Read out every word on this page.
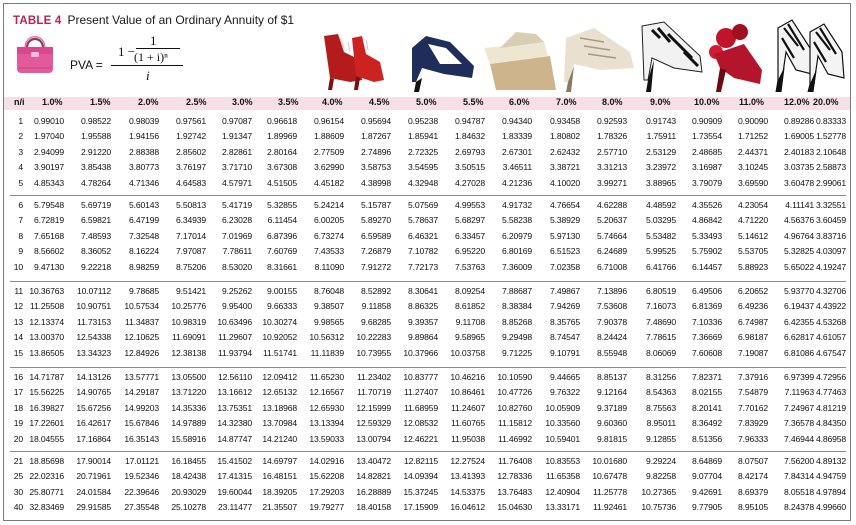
TABLE 4 Present Value of an Ordinary Annuity of $1
PVA =
1 −
1
(1 + i)ⁿ
i
n/i 1.0%	1.5%	2.0%	2.5%	3.0%	3.5%	4.0%	4.5%	5.0%	5.5%	6.0%	7.0%	8.0%	9.0%	10.0% 11.0% 12.0% 20.0%
1	0.99010	0.98522	0.98039	0.97561	0.97087	0.96618	0.96154	0.95694	0.95238	0.94787	0.94340	0.93458	0.92593	0.91743	0.90909	0.90090	0.89286 0.83333
2	1.97040	1.95588	1.94156	1.92742	1.91347	1.89969	1.88609	1.87267	1.85941	1.84632	1.83339	1.80802	1.78326	1.75911	1.73554	1.71252	1.69005 1.52778
3	2.94099	2.91220	2.88388	2.85602	2.82861	2.80164	2.77509	2.74896	2.72325	2.69793	2.67301	2.62432	2.57710	2.53129	2.48685	2.44371	2.40183 2.10648
4	3.90197	3.85438	3.80773	3.76197	3.71710	3.67308	3.62990	3.58753	3.54595	3.50515	3.46511	3.38721	3.31213	3.23972	3.16987	3.10245	3.03735 2.58873
5	4.85343	4.78264	4.71346	4.64583	4.57971	4.51505	4.45182	4.38998	4.32948	4.27028	4.21236	4.10020	3.99271	3.88965	3.79079	3.69590	3.60478 2.99061
6	5.79548	5.69719	5.60143	5.50813	5.41719	5.32855	5.24214	5.15787	5.07569	4.99553	4.91732	4.76654	4.62288	4.48592	4.35526	4.23054	4.11141 3.32551
7	6.72819	6.59821	6.47199	6.34939	6.23028	6.11454	6.00205	5.89270	5.78637	5.68297	5.58238	5.38929	5.20637	5.03295	4.86842	4.71220	4.56376 3.60459
8	7.65168	7.48593	7.32548	7.17014	7.01969	6.87396	6.73274	6.59589	6.46321	6.33457	6.20979	5.97130	5.74664	5.53482	5.33493	5.14612	4.96764 3.83716
9	8.56602	8.36052	8.16224	7.97087	7.78611	7.60769	7.43533	7.26879	7.10782	6.95220	6.80169	6.51523	6.24689	5.99525	5.75902	5.53705	5.32825 4.03097
10	9.47130	9.22218	8.98259	8.75206	8.53020	8.31661	8.11090	7.91272	7.72173	7.53763	7.36009	7.02358	6.71008	6.41766	6.14457	5.88923	5.65022 4.19247
11 10.36763	10.07112	9.78685	9.51421	9.25262	9.00155	8.76048	8.52892	8.30641	8.09254	7.88687	7.49867	7.13896	6.80519	6.49506	6.20652	5.93770 4.32706
12 11.25508	10.90751	10.57534	10.25776	9.95400	9.66333	9.38507	9.11858	8.86325	8.61852	8.38384	7.94269	7.53608	7.16073	6.81369	6.49236	6.19437 4.43922
13 12.13374	11.73153	11.34837	10.98319	10.63496	10.30274	9.98565	9.68285	9.39357	9.11708	8.85268	8.35765	7.90378	7.48690	7.10336	6.74987	6.42355 4.53268
14 13.00370	12.54338	12.10625	11.69091	11.29607	10.92052	10.56312	10.22283	9.89864	9.58965	9.29498	8.74547	8.24424	7.78615	7.36669	6.98187	6.62817 4.61057
15 13.86505	13.34323	12.84926	12.38138	11.93794	11.51741	11.11839	10.73955	10.37966	10.03758	9.71225	9.10791	8.55948	8.06069	7.60608	7.19087	6.81086 4.67547
16 14.71787	14.13126	13.57771	13.05500	12.56110	12.09412	11.65230	11.23402	10.83777	10.46216	10.10590	9.44665	8.85137	8.31256	7.82371	7.37916	6.97399 4.72956
17 15.56225	14.90765	14.29187	13.71220	13.16612	12.65132	12.16567	11.70719	11.27407	10.86461	10.47726	9.76322	9.12164	8.54363	8.02155	7.54879	7.11963 4.77463
18 16.39827	15.67256	14.99203	14.35336	13.75351	13.18968	12.65930	12.15999	11.68959	11.24607	10.82760	10.05909	9.37189	8.75563	8.20141	7.70162	7.24967 4.81219
19 17.22601	16.42617	15.67846	14.97889	14.32380	13.70984	13.13394	12.59329	12.08532	11.60765	11.15812	10.33560	9.60360	8.95011	8.36492	7.83929	7.36578 4.84350
20 18.04555	17.16864	16.35143	15.58916	14.87747	14.21240	13.59033	13.00794	12.46221	11.95038	11.46992	10.59401	9.81815	9.12855	8.51356	7.96333	7.46944 4.86958
21 18.85698	17.90014	17.01121	16.18455	15.41502	14.69797	14.02916	13.40472	12.82115	12.27524	11.76408	10.83553	10.01680	9.29224	8.64869	8.07507	7.56200 4.89132
25 22.02316	20.71961	19.52346	18.42438	17.41315	16.48151	15.62208	14.82821	14.09394	13.41393	12.78336	11.65358	10.67478	9.82258	9.07704	8.42174	7.84314 4.94759
30 25.80771	24.01584	22.39646	20.93029	19.60044	18.39205	17.29203	16.28889	15.37245	14.53375	13.76483	12.40904	11.25778	10.27365	9.42691	8.69379	8.05518 4.97894
40 32.83469	29.91585	27.35548	25.10278	23.11477	21.35507	19.79277	18.40158	17.15909	16.04612	15.04630	13.33171	11.92461	10.75736	9.77905	8.95105	8.24378 4.99660
